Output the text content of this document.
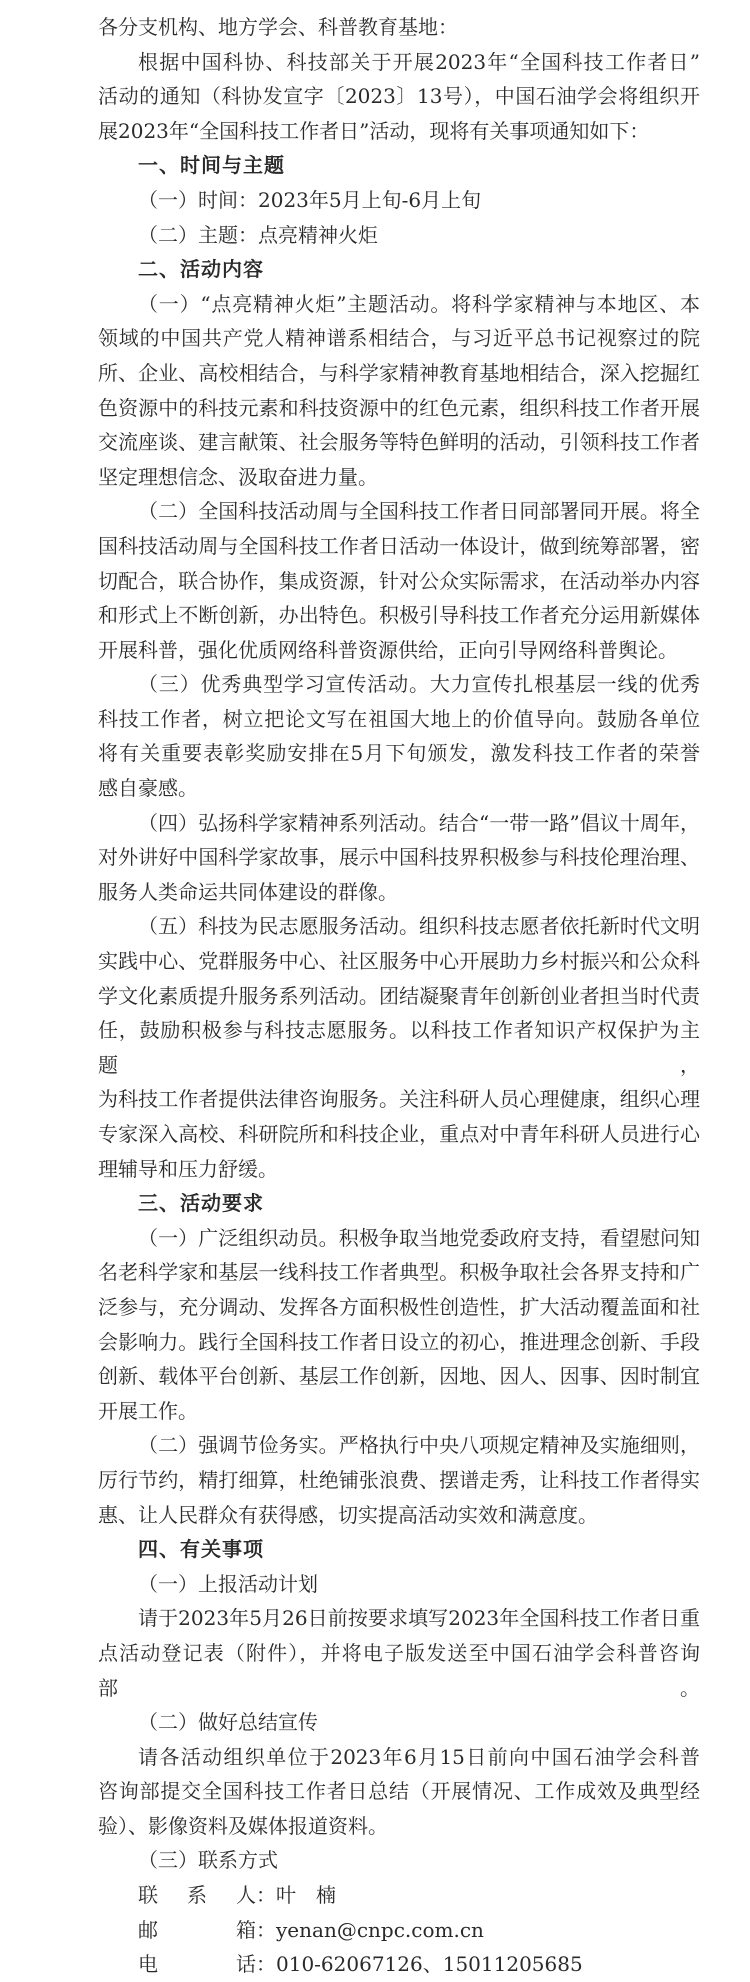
各分支机构、地方学会、科普教育基地：
根据中国科协、科技部关于开展2023年“全国科技工作者日”
活动的通知（科协发宣字〔2023〕13号），中国石油学会将组织开
展2023年“全国科技工作者日”活动，现将有关事项通知如下：
一、时间与主题
（一）时间：2023年5月上旬-6月上旬
（二）主题：点亮精神火炬
二、活动内容
（一）“点亮精神火炬”主题活动。将科学家精神与本地区、本
领域的中国共产党人精神谱系相结合，与习近平总书记视察过的院
所、企业、高校相结合，与科学家精神教育基地相结合，深入挖掘红
色资源中的科技元素和科技资源中的红色元素，组织科技工作者开展
交流座谈、建言献策、社会服务等特色鲜明的活动，引领科技工作者
坚定理想信念、汲取奋进力量。
（二）全国科技活动周与全国科技工作者日同部署同开展。将全
国科技活动周与全国科技工作者日活动一体设计，做到统筹部署，密
切配合，联合协作，集成资源，针对公众实际需求，在活动举办内容
和形式上不断创新，办出特色。积极引导科技工作者充分运用新媒体
开展科普，强化优质网络科普资源供给，正向引导网络科普舆论。
（三）优秀典型学习宣传活动。大力宣传扎根基层一线的优秀
科技工作者，树立把论文写在祖国大地上的价值导向。鼓励各单位
将有关重要表彰奖励安排在5月下旬颁发，激发科技工作者的荣誉
感自豪感。
（四）弘扬科学家精神系列活动。结合“一带一路”倡议十周年，
对外讲好中国科学家故事，展示中国科技界积极参与科技伦理治理、
服务人类命运共同体建设的群像。
（五）科技为民志愿服务活动。组织科技志愿者依托新时代文明
实践中心、党群服务中心、社区服务中心开展助力乡村振兴和公众科
学文化素质提升服务系列活动。团结凝聚青年创新创业者担当时代责
任，鼓励积极参与科技志愿服务。以科技工作者知识产权保护为主题，
为科技工作者提供法律咨询服务。关注科研人员心理健康，组织心理
专家深入高校、科研院所和科技企业，重点对中青年科研人员进行心
理辅导和压力舒缓。
三、活动要求
（一）广泛组织动员。积极争取当地党委政府支持，看望慰问知
名老科学家和基层一线科技工作者典型。积极争取社会各界支持和广
泛参与，充分调动、发挥各方面积极性创造性，扩大活动覆盖面和社
会影响力。践行全国科技工作者日设立的初心，推进理念创新、手段
创新、载体平台创新、基层工作创新，因地、因人、因事、因时制宜
开展工作。
（二）强调节俭务实。严格执行中央八项规定精神及实施细则，
厉行节约，精打细算，杜绝铺张浪费、摆谱走秀，让科技工作者得实
惠、让人民群众有获得感，切实提高活动实效和满意度。
四、有关事项
（一）上报活动计划
请于2023年5月26日前按要求填写2023年全国科技工作者日重
点活动登记表（附件），并将电子版发送至中国石油学会科普咨询部。
（二）做好总结宣传
请各活动组织单位于2023年6月15日前向中国石油学会科普
咨询部提交全国科技工作者日总结（开展情况、工作成效及典型经
验）、影像资料及媒体报道资料。
（三）联系方式
联系人：叶　楠
邮箱：yenan@cnpc.com.cn
电话：010-62067126、15011205685
